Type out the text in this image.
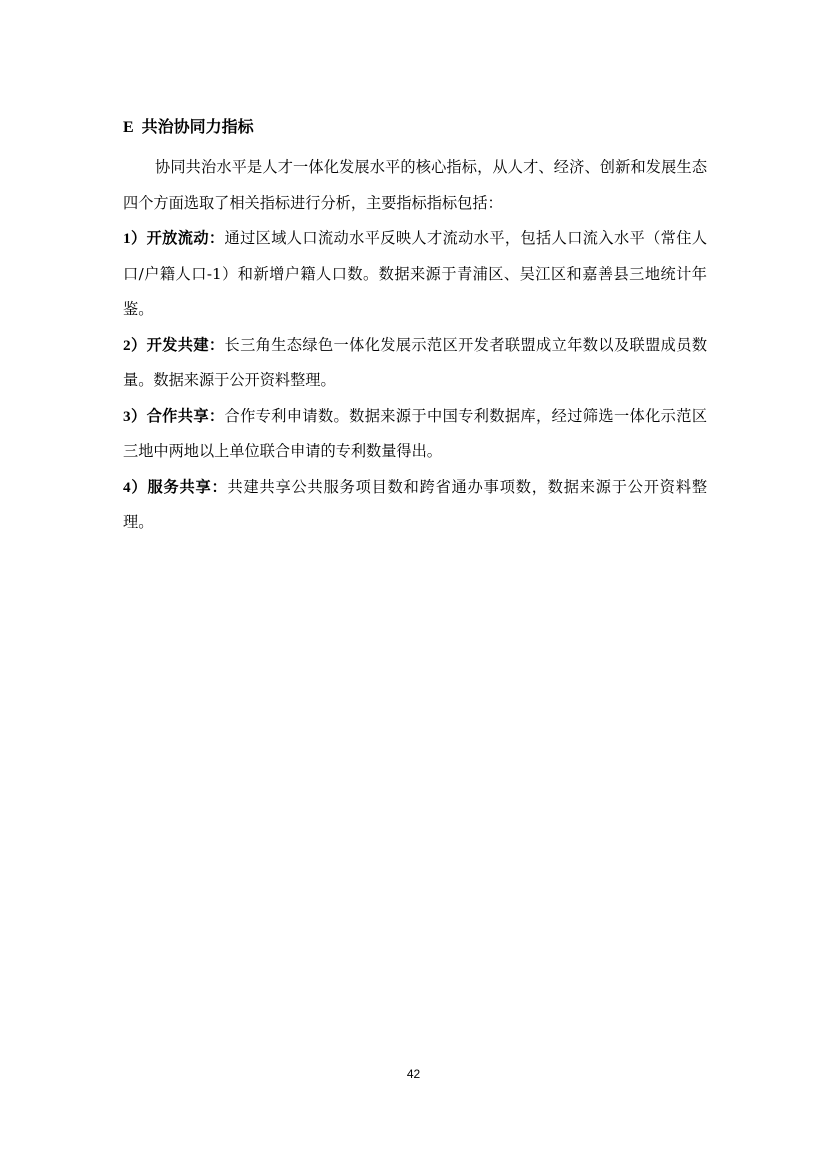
E 共治协同力指标

协同共治水平是人才一体化发展水平的核心指标，从人才、经济、创新和发展生态四个方面选取了相关指标进行分析，主要指标指标包括：

1）开放流动：通过区域人口流动水平反映人才流动水平，包括人口流入水平（常住人口/户籍人口-1）和新增户籍人口数。数据来源于青浦区、吴江区和嘉善县三地统计年鉴。

2）开发共建：长三角生态绿色一体化发展示范区开发者联盟成立年数以及联盟成员数量。数据来源于公开资料整理。

3）合作共享：合作专利申请数。数据来源于中国专利数据库，经过筛选一体化示范区三地中两地以上单位联合申请的专利数量得出。

4）服务共享：共建共享公共服务项目数和跨省通办事项数，数据来源于公开资料整理。

42
